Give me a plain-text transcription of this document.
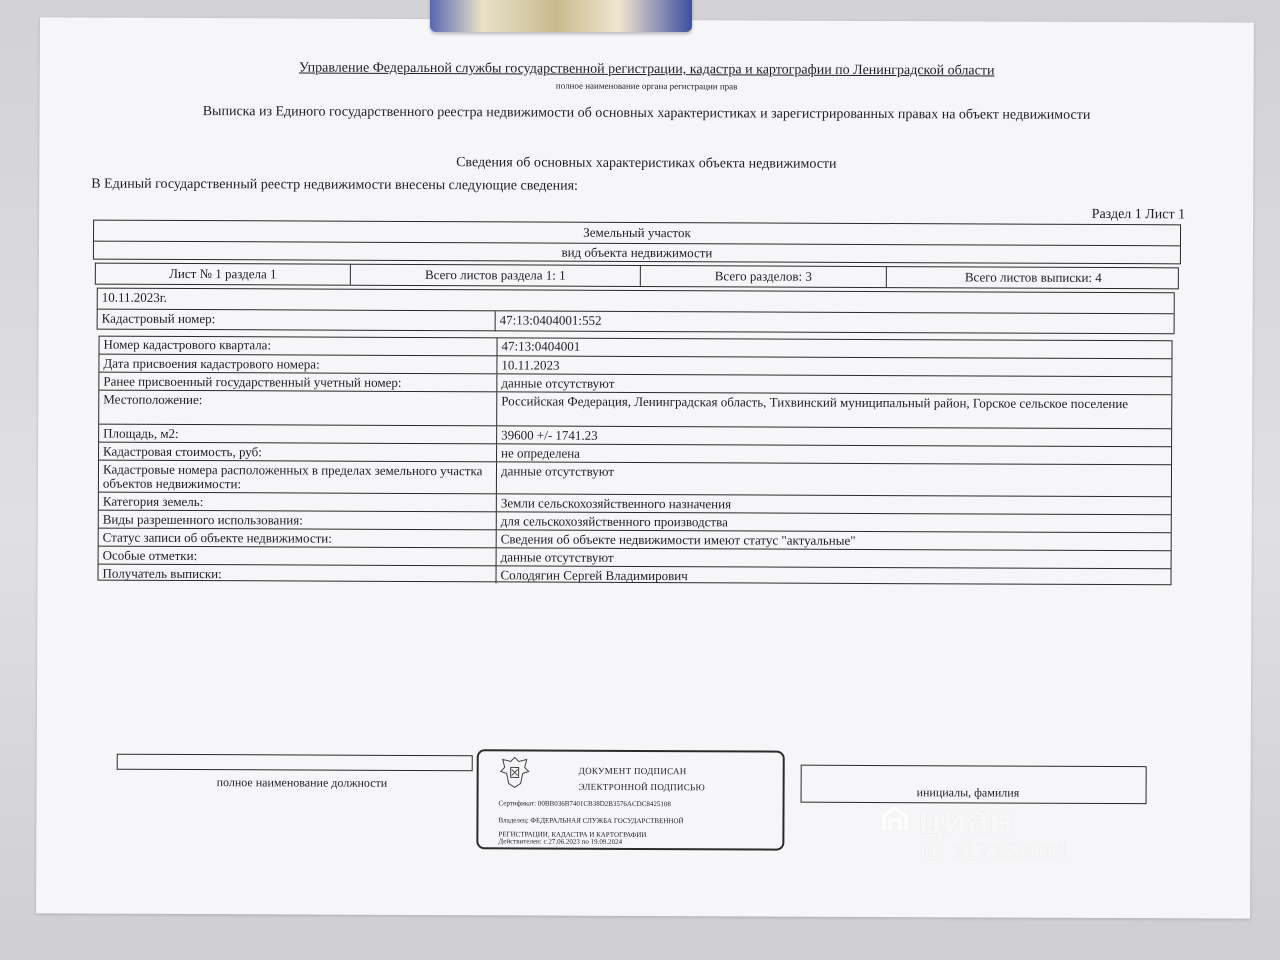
Управление Федеральной службы государственной регистрации, кадастра и картографии по Ленинградской области
полное наименование органа регистрации прав
Выписка из Единого государственного реестра недвижимости об основных характеристиках и зарегистрированных правах на объект недвижимости
Сведения об основных характеристиках объекта недвижимости
В Единый государственный реестр недвижимости внесены следующие сведения:
Раздел 1 Лист 1
Земельный участок
вид объекта недвижимости
Лист № 1 раздела 1	Всего листов раздела 1: 1	Всего разделов: 3	Всего листов выписки: 4
10.11.2023г.
Кадастровый номер:	47:13:0404001:552
Номер кадастрового квартала:	47:13:0404001
Дата присвоения кадастрового номера:	10.11.2023
Ранее присвоенный государственный учетный номер:	данные отсутствуют
Местоположение:	Российская Федерация, Ленинградская область, Тихвинский муниципальный район, Горское сельское поселение
Площадь, м2:	39600 +/- 1741.23
Кадастровая стоимость, руб:	не определена
Кадастровые номера расположенных в пределах земельного участка объектов недвижимости:
данные отсутствуют
Категория земель:	Земли сельскохозяйственного назначения
Виды разрешенного использования:	для сельскохозяйственного производства
Статус записи об объекте недвижимости:	Сведения об объекте недвижимости имеют статус "актуальные"
Особые отметки:	данные отсутствуют
Получатель выписки:	Солодягин Сергей Владимирович
полное наименование должности
инициалы, фамилия
ДОКУМЕНТ ПОДПИСАН
ЭЛЕКТРОННОЙ ПОДПИСЬЮ
Сертификат: 00BB036B7401CB38D2B3576ACDC8425108
Владелец: ФЕДЕРАЛЬНАЯ СЛУЖБА ГОСУДАРСТВЕННОЙ
РЕГИСТРАЦИИ, КАДАСТРА И КАРТОГРАФИИ
Действителен: с 27.06.2023 по 19.09.2024	циан
ID 317358091
